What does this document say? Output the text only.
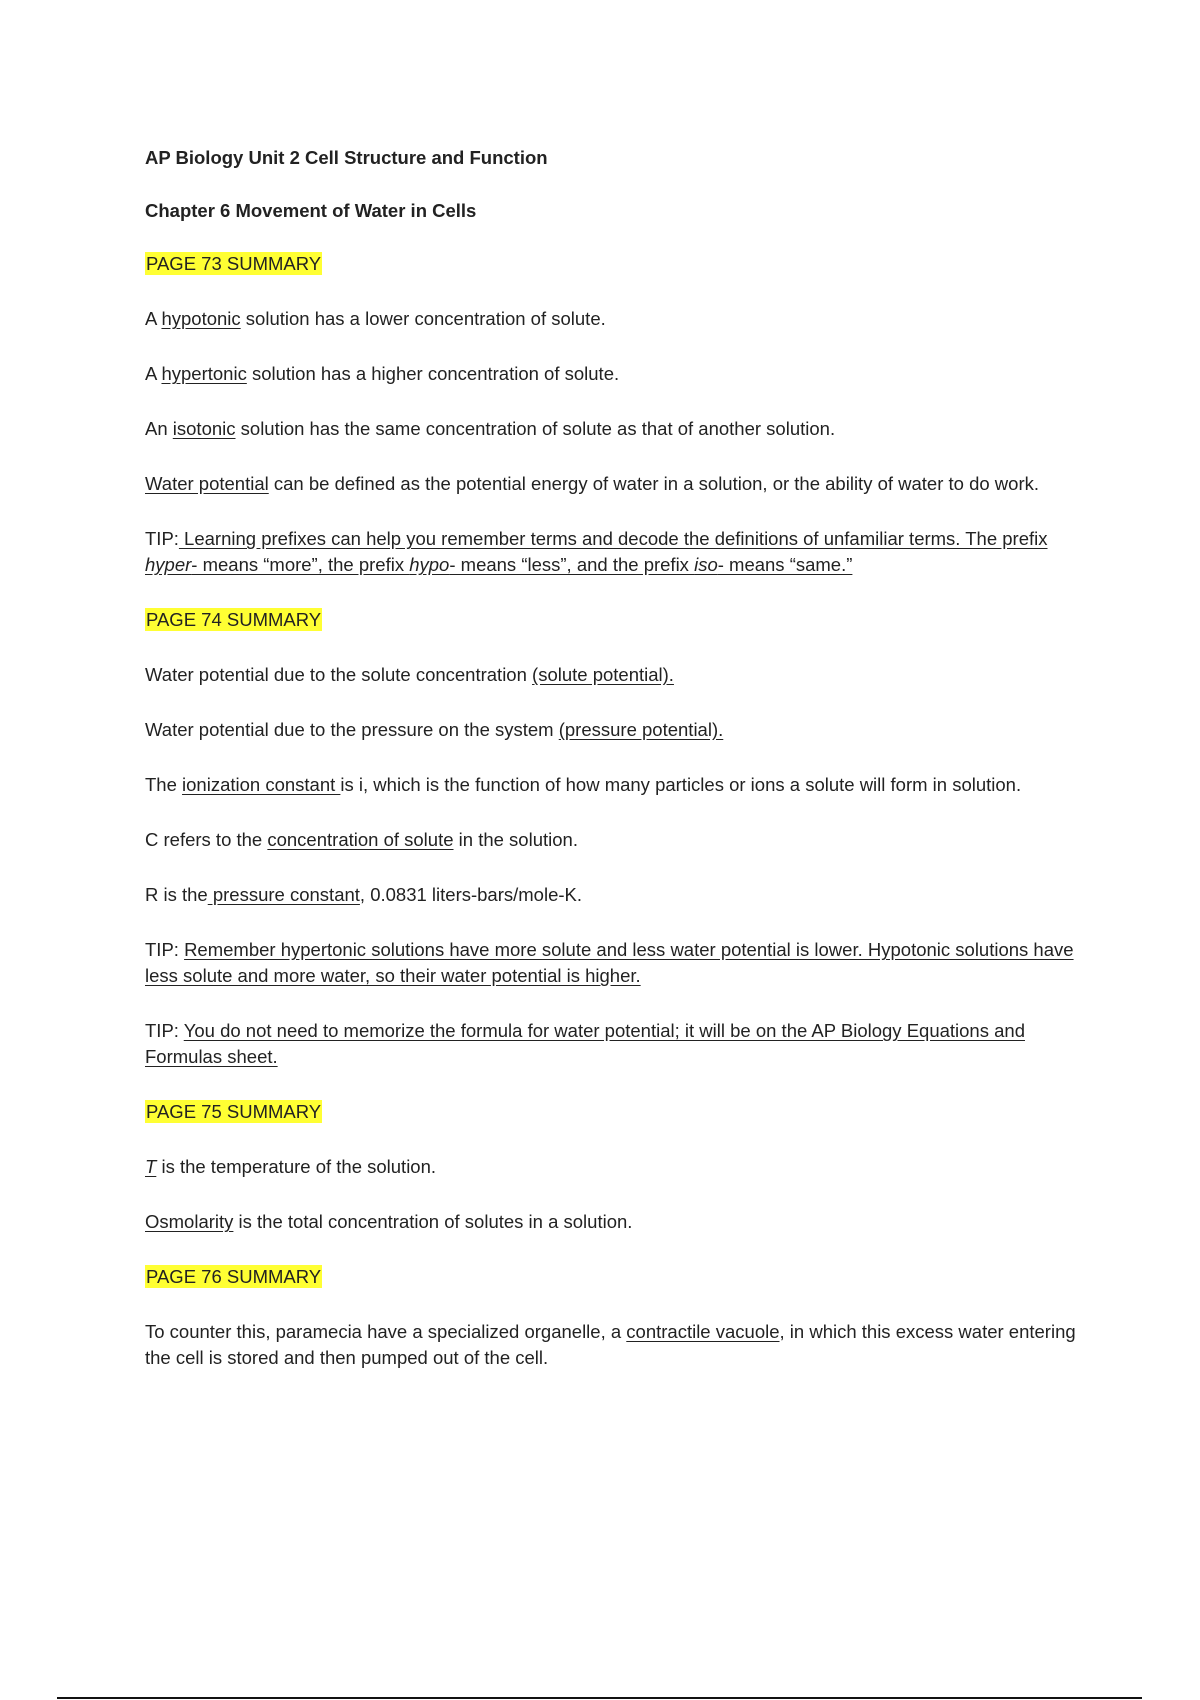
AP Biology Unit 2 Cell Structure and Function

Chapter 6 Movement of Water in Cells

PAGE 73 SUMMARY

A hypotonic solution has a lower concentration of solute.

A hypertonic solution has a higher concentration of solute.

An isotonic solution has the same concentration of solute as that of another solution.

Water potential can be defined as the potential energy of water in a solution, or the ability of water to do work.

TIP: Learning prefixes can help you remember terms and decode the definitions of unfamiliar terms. The prefix hyper- means “more”, the prefix hypo- means “less”, and the prefix iso- means “same.”

PAGE 74 SUMMARY

Water potential due to the solute concentration (solute potential).

Water potential due to the pressure on the system (pressure potential).

The ionization constant is i, which is the function of how many particles or ions a solute will form in solution.

C refers to the concentration of solute in the solution.

R is the pressure constant, 0.0831 liters-bars/mole-K.

TIP: Remember hypertonic solutions have more solute and less water potential is lower. Hypotonic solutions have less solute and more water, so their water potential is higher.

TIP: You do not need to memorize the formula for water potential; it will be on the AP Biology Equations and Formulas sheet.

PAGE 75 SUMMARY

T is the temperature of the solution.

Osmolarity is the total concentration of solutes in a solution.

PAGE 76 SUMMARY

To counter this, paramecia have a specialized organelle, a contractile vacuole, in which this excess water entering the cell is stored and then pumped out of the cell.
